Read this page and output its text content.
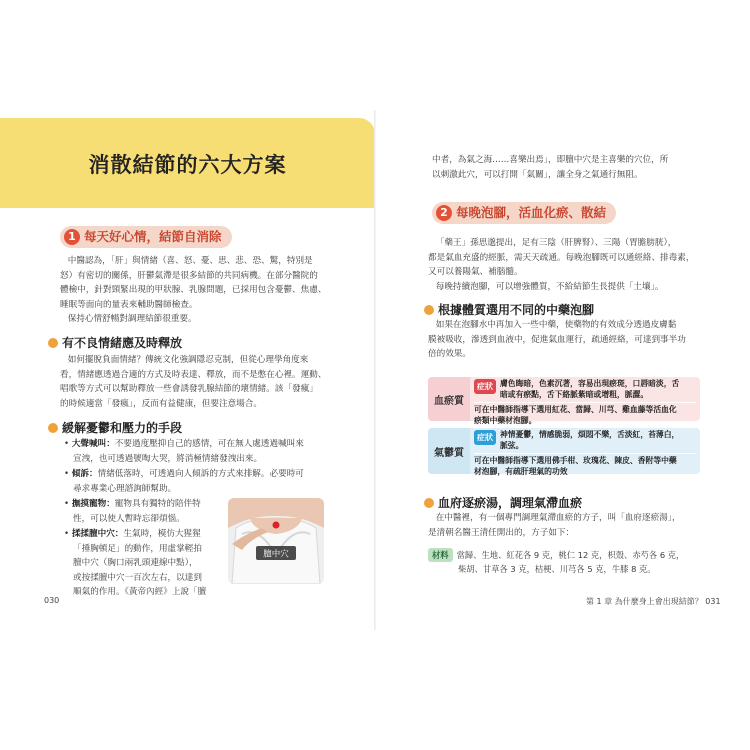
消散結節的六大方案
1 每天好心情，結節自消除

中醫認為，「肝」與情緒（喜、怒、憂、思、悲、恐、驚，特別是

怒）有密切的關係，肝鬱氣滯是很多結節的共同病機。在部分醫院的

體檢中，針對頸緊出現的甲狀腺、乳腺問題，已採用包含憂鬱、焦慮、

睡眠等面向的量表來輔助醫師檢查。

保持心情舒暢對調理結節很重要。

有不良情緒應及時釋放

如何擺脫負面情緒？傳統文化強調隱忍克制，但從心理學角度來

看，情緒應透過合適的方式及時表達、釋放，而不是憋在心裡。運動、

唱歌等方式可以幫助釋放一些會誘發乳腺結節的壞情緒。該「發瘋」

的時候適當「發瘋」，反而有益健康，但要注意場合。

緩解憂鬱和壓力的手段
• 大聲喊叫：不要過度壓抑自己的感情，可在無人處透過喊叫來
宣洩，也可透過號啕大哭，將消極情緒發洩出來。
• 傾訴：情緒低落時，可透過向人傾訴的方式來排解。必要時可
尋求專業心理諮詢師幫助。
• 撫摸寵物：寵物具有獨特的陪伴特
性，可以使人暫時忘卻煩惱。
• 揉揉膻中穴：生氣時，模仿大猩猩
「捶胸頓足」的動作，用虛掌輕拍
膻中穴（胸口兩乳頭連線中點），
或按揉膻中穴一百次左右，以達到
順氣的作用。《黃帝內經》上說「膻
膻中穴
030

中者，為氣之海……喜樂出焉」，即膻中穴是主喜樂的穴位，所

以刺激此穴，可以打開「氣關」，讓全身之氣通行無阻。

2 每晚泡腳，活血化瘀、散結

「藥王」孫思邈提出，足有三陰（肝脾腎）、三陽（胃膽膀胱），

都是氣血充盛的經脈，需天天疏通。每晚泡腳既可以通經絡、排毒素，

又可以養陽氣、補腦髓。

每晚持續泡腳，可以增強體質，不給結節生長提供「土壤」。

根據體質選用不同的中藥泡腳

如果在泡腳水中再加入一些中藥，使藥物的有效成分透過皮膚黏

膜被吸收，滲透到血液中，促進氣血運行，疏通經絡，可達到事半功

倍的效果。

血瘀質
症狀 膚色晦暗，色素沉著，容易出現瘀斑，口唇暗淡，舌
暗或有瘀點，舌下絡脈紫暗或增粗，脈澀。
可在中醫師指導下選用紅花、當歸、川芎、雞血藤等活血化
瘀類中藥材泡腳。
氣鬱質
症狀 神情憂鬱，情感脆弱，煩悶不樂，舌淡紅，苔薄白，
脈弦。
可在中醫師指導下選用佛手柑、玫瑰花、陳皮、香附等中藥
材泡腳，有疏肝理氣的功效
血府逐瘀湯，調理氣滯血瘀

在中醫裡，有一個專門調理氣滯血瘀的方子，叫「血府逐瘀湯」，

是清朝名醫王清任開出的，方子如下：

材料 當歸、生地、紅花各 9 克，桃仁 12 克，枳殼、赤芍各 6 克，
柴胡、甘草各 3 克，桔梗、川芎各 5 克，牛膝 8 克。
第 1 章 為什麼身上會出現結節？ 031
